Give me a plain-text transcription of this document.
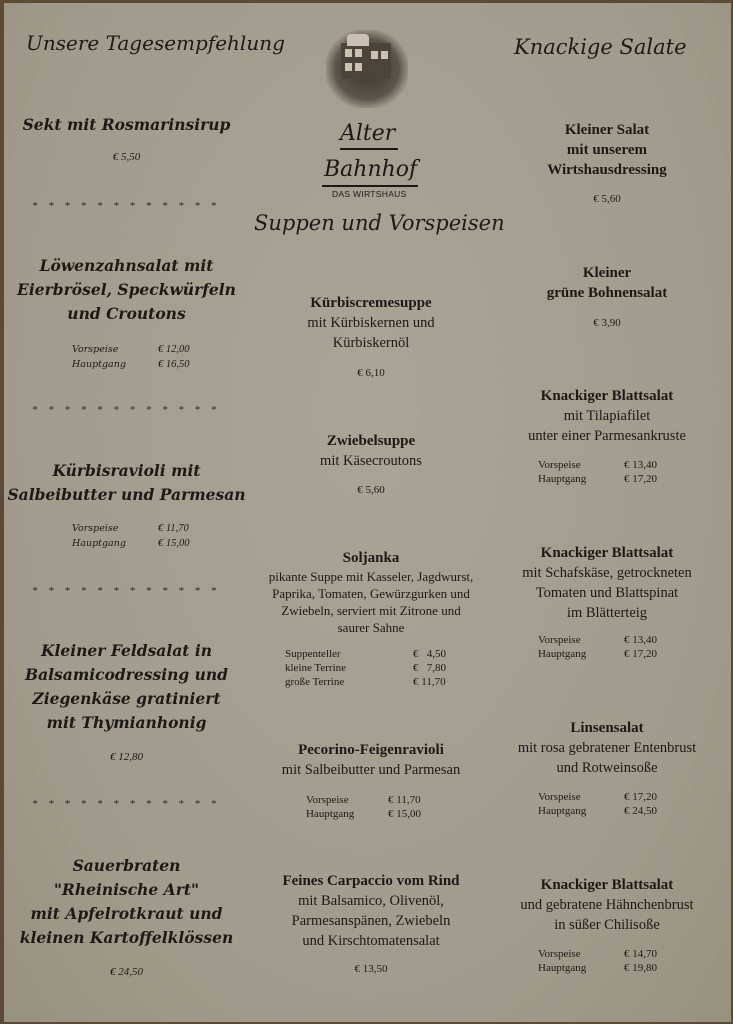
Unsere Tagesempfehlung
Sekt mit Rosmarinsirup
€ 5,50
* * * * * * * * * * * *
Löwenzahnsalat mit
Eierbrösel, Speckwürfeln
und Croutons
Vorspeise	€ 12,00
Hauptgang	€ 16,50
* * * * * * * * * * * *
Kürbisravioli mit
Salbeibutter und Parmesan
Vorspeise	€ 11,70
Hauptgang	€ 15,00
* * * * * * * * * * * *
Kleiner Feldsalat in
Balsamicodressing und
Ziegenkäse gratiniert
mit Thymianhonig
€ 12,80
* * * * * * * * * * * *
Sauerbraten
"Rheinische Art"
mit Apfelrotkraut und
kleinen Kartoffelklössen
€ 24,50
Alter
Bahnhof
DAS WIRTSHAUS
Suppen und Vorspeisen
Kürbiscremesuppe
mit Kürbiskernen und
Kürbiskernöl
€ 6,10
Zwiebelsuppe
mit Käsecroutons
€ 5,60
Soljanka
pikante Suppe mit Kasseler, Jagdwurst,
Paprika, Tomaten, Gewürzgurken und
Zwiebeln, serviert mit Zitrone und
saurer Sahne
Suppenteller	€   4,50
kleine Terrine	€   7,80
große Terrine	€ 11,70
Pecorino-Feigenravioli
mit Salbeibutter und Parmesan
Vorspeise	€ 11,70
Hauptgang	€ 15,00
Feines Carpaccio vom Rind
mit Balsamico, Olivenöl,
Parmesanspänen, Zwiebeln
und Kirschtomatensalat
€ 13,50
Knackige Salate
Kleiner Salat
mit unserem
Wirtshausdressing
€ 5,60
Kleiner
grüne Bohnensalat
€ 3,90
Knackiger Blattsalat
mit Tilapiafilet
unter einer Parmesankruste
Vorspeise	€ 13,40
Hauptgang	€ 17,20
Knackiger Blattsalat
mit Schafskäse, getrockneten
Tomaten und Blattspinat
im Blätterteig
Vorspeise	€ 13,40
Hauptgang	€ 17,20
Linsensalat
mit rosa gebratener Entenbrust
und Rotweinsoße
Vorspeise	€ 17,20
Hauptgang	€ 24,50
Knackiger Blattsalat
und gebratene Hähnchenbrust
in süßer Chilisoße
Vorspeise	€ 14,70
Hauptgang	€ 19,80
